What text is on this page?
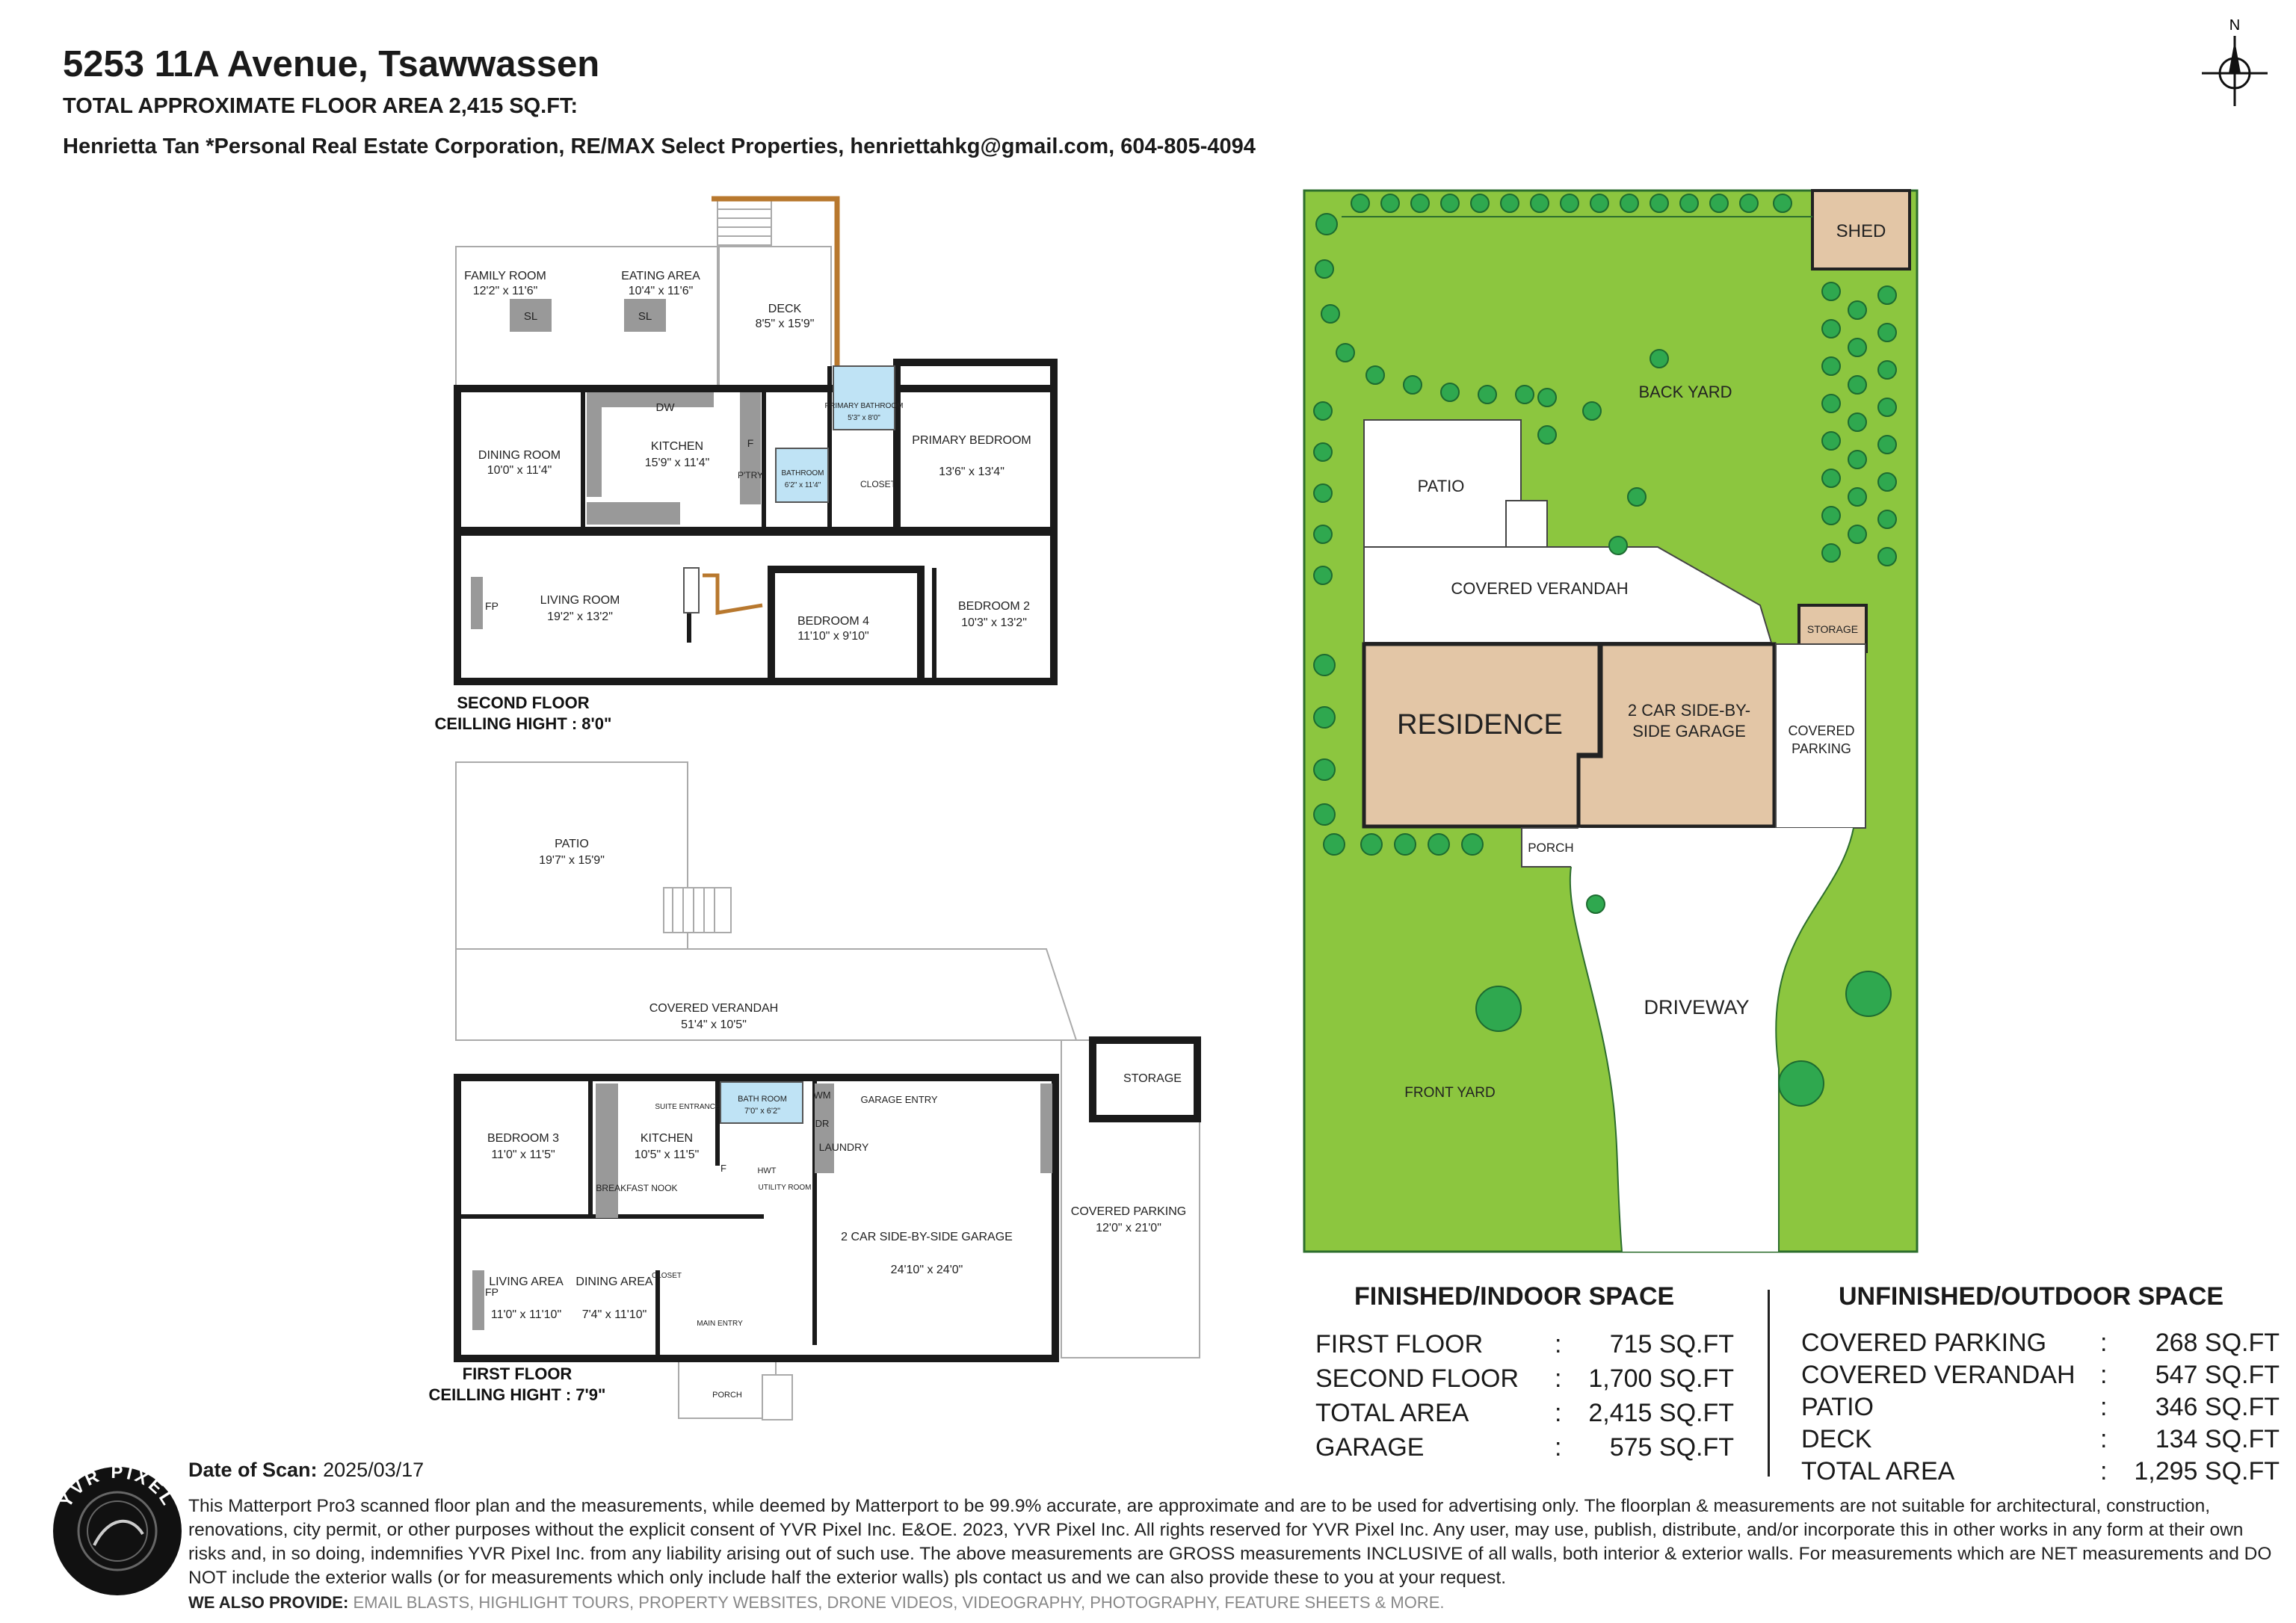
5253 11A Avenue, Tsawwassen
TOTAL APPROXIMATE FLOOR AREA 2,415 SQ.FT:
Henrietta Tan *Personal Real Estate Corporation, RE/MAX Select Properties, henriettahkg@gmail.com, 604-805-4094
N
FAMILY ROOM
12'2" x 11'6"
EATING AREA
10'4" x 11'6"
DECK
8'5" x 15'9"
DINING ROOM
10'0" x 11'4"
KITCHEN
15'9" x 11'4"
PRIMARY BEDROOM
13'6" x 13'4"
LIVING ROOM
19'2" x 13'2"	BEDROOM 4
11'10" x 9'10"
BEDROOM 2
10'3" x 13'2"
PRIMARY BATHROOM
5'3" x 8'0"
BATHROOM
6'2" x 11'4"
SL	SL
DW
F
P'TRY
FP
CLOSET
SECOND FLOOR
CEILLING HIGHT : 8'0"
PATIO
19'7" x 15'9"
COVERED VERANDAH
51'4" x 10'5"
STORAGE
BEDROOM 3
11'0" x 11'5"
KITCHEN
10'5" x 11'5"
BATH ROOM
7'0" x 6'2"
GARAGE ENTRY
COVERED PARKING
12'0" x 21'0"
2 CAR SIDE-BY-SIDE GARAGE
24'10" x 24'0"
LIVING AREA
11'0" x 11'10"
DINING AREA
7'4" x 11'10"
PORCH
SUITE ENTRANCE
BREAKFAST NOOK
LAUNDRY
WM
DR
HWT
UTILITY ROOM
CLOSET
MAIN ENTRY
FP
F
FIRST FLOOR
CEILLING HIGHT : 7'9"
SHED
BACK YARD
PATIO
COVERED VERANDAH
STORAGE
RESIDENCE	2 CAR SIDE-BY-
SIDE GARAGE	COVERED
PARKING
PORCH
DRIVEWAY
FRONT YARD
FINISHED/INDOOR SPACE	UNFINISHED/OUTDOOR SPACE
FIRST FLOOR	: 715 SQ.FT
SECOND FLOOR : 1,700 SQ.FT
TOTAL AREA	: 2,415 SQ.FT
GARAGE	: 575 SQ.FT
COVERED PARKING : 268 SQ.FT
COVERED VERANDAH : 547 SQ.FT
PATIO	: 346 SQ.FT
DECK	: 134 SQ.FT
TOTAL AREA	: 1,295 SQ.FT
YVR PIXEL
Date of Scan: 2025/03/17
This Matterport Pro3 scanned floor plan and the measurements, while deemed by Matterport to be 99.9% accurate, are approximate and are to be used for advertising only. The floorplan & measurements are not suitable for architectural, construction, renovations, city permit, or other purposes without the explicit consent of YVR Pixel Inc. E&OE. 2023, YVR Pixel Inc. All rights reserved for YVR Pixel Inc. Any user, may use, publish, distribute, and/or incorporate this in other works in any form at their own risks and, in so doing, indemnifies YVR Pixel Inc. from any liability arising out of such use. The above measurements are GROSS measurements INCLUSIVE of all walls, both interior & exterior walls. For measurements which are NET measurements and DO NOT include the exterior walls (or for measurements which only include half the exterior walls) pls contact us and we can also provide these to you at your request.
WE ALSO PROVIDE: EMAIL BLASTS, HIGHLIGHT TOURS, PROPERTY WEBSITES, DRONE VIDEOS, VIDEOGRAPHY, PHOTOGRAPHY, FEATURE SHEETS & MORE.
